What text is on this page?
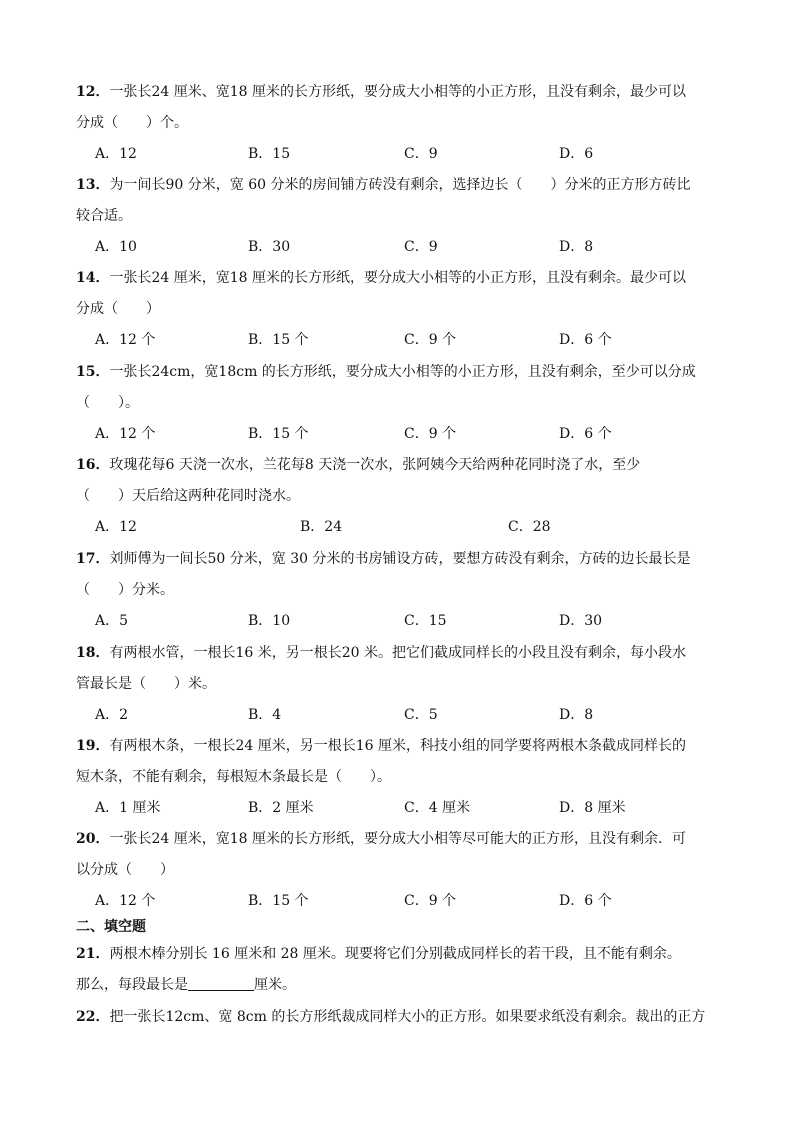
12．一张长24 厘米、宽18 厘米的长方形纸，要分成大小相等的小正方形，且没有剩余，最少可以
分成（　　）个。
A．12	B．15	C．9	D．6
13．为一间长90 分米，宽 60 分米的房间铺方砖没有剩余，选择边长（　　）分米的正方形方砖比
较合适。
A．10	B．30	C．9	D．8
14．一张长24 厘米，宽18 厘米的长方形纸，要分成大小相等的小正方形，且没有剩余。最少可以
分成（　　）
A．12 个	B．15 个	C．9 个	D．6 个
15．一张长24cm，宽18cm 的长方形纸，要分成大小相等的小正方形，且没有剩余，至少可以分成
（　　）。
A．12 个	B．15 个	C．9 个	D．6 个
16．玫瑰花每6 天浇一次水，兰花每8 天浇一次水，张阿姨今天给两种花同时浇了水，至少
（　　）天后给这两种花同时浇水。
A．12	B．24	C．28
17．刘师傅为一间长50 分米，宽 30 分米的书房铺设方砖，要想方砖没有剩余，方砖的边长最长是
（　　）分米。
A．5	B．10	C．15	D．30
18．有两根水管，一根长16 米，另一根长20 米。把它们截成同样长的小段且没有剩余，每小段水
管最长是（　　）米。
A．2	B．4	C．5	D．8
19．有两根木条，一根长24 厘米，另一根长16 厘米，科技小组的同学要将两根木条截成同样长的
短木条，不能有剩余，每根短木条最长是（　　）。
A．1 厘米	B．2 厘米	C．4 厘米	D．8 厘米
20．一张长24 厘米，宽18 厘米的长方形纸，要分成大小相等尽可能大的正方形，且没有剩余．可
以分成（　　）
A．12 个	B．15 个	C．9 个	D．6 个
二、填空题
21．两根木棒分别长 16 厘米和 28 厘米。现要将它们分别截成同样长的若干段，且不能有剩余。
那么，每段最长是	厘米。
22．把一张长12cm、宽 8cm 的长方形纸裁成同样大小的正方形。如果要求纸没有剩余。裁出的正方
